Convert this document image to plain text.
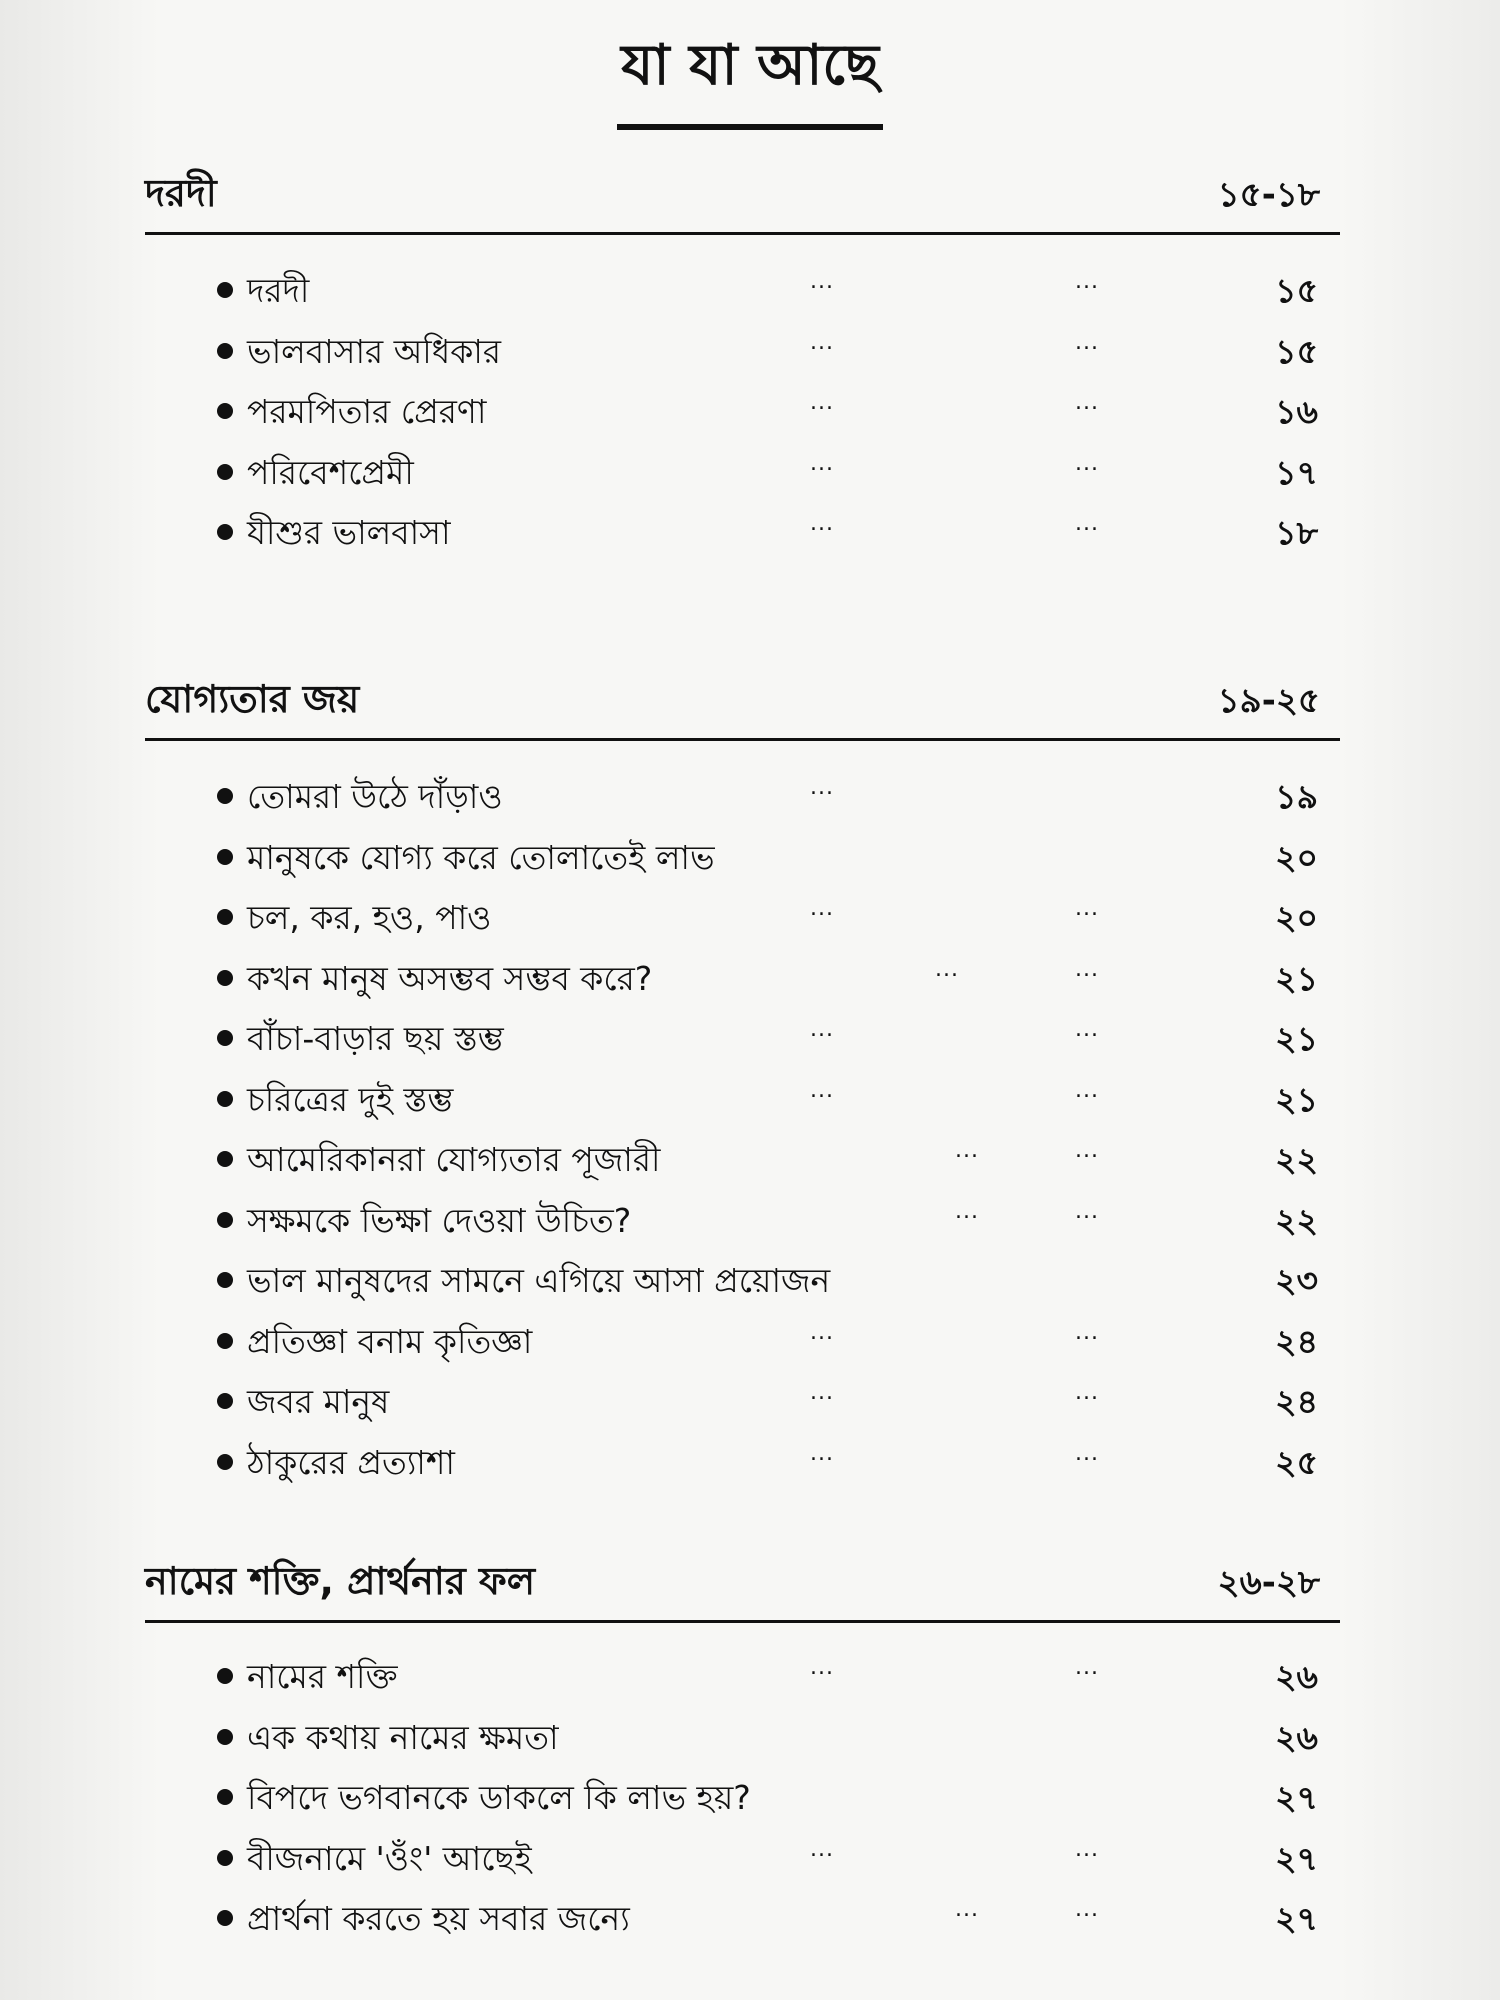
যা যা আছে
দরদী	১৫-১৮
দরদী	...	...	১৫
ভালবাসার অধিকার	...	...	১৫
পরমপিতার প্রেরণা	...	...	১৬
পরিবেশপ্রেমী	...	...	১৭
যীশুর ভালবাসা	...	...	১৮
যোগ্যতার জয়	১৯-২৫
তোমরা উঠে দাঁড়াও	...	১৯
মানুষকে যোগ্য করে তোলাতেই লাভ	২০
চল, কর, হও, পাও	...	...	২০
কখন মানুষ অসম্ভব সম্ভব করে?	...	...	২১
বাঁচা-বাড়ার ছয় স্তম্ভ	...	...	২১
চরিত্রের দুই স্তম্ভ	...	...	২১
আমেরিকানরা যোগ্যতার পূজারী	...	...	২২
সক্ষমকে ভিক্ষা দেওয়া উচিত?	...	...	২২
ভাল মানুষদের সামনে এগিয়ে আসা প্রয়োজন	২৩
প্রতিজ্ঞা বনাম কৃতিজ্ঞা	...	...	২৪
জবর মানুষ	...	...	২৪
ঠাকুরের প্রত্যাশা	...	...	২৫
নামের শক্তি, প্রার্থনার ফল	২৬-২৮
নামের শক্তি	...	...	২৬
এক কথায় নামের ক্ষমতা	২৬
বিপদে ভগবানকে ডাকলে কি লাভ হয়?	২৭
বীজনামে 'ওঁং' আছেই	...	...	২৭
প্রার্থনা করতে হয় সবার জন্যে	...	...	২৭
